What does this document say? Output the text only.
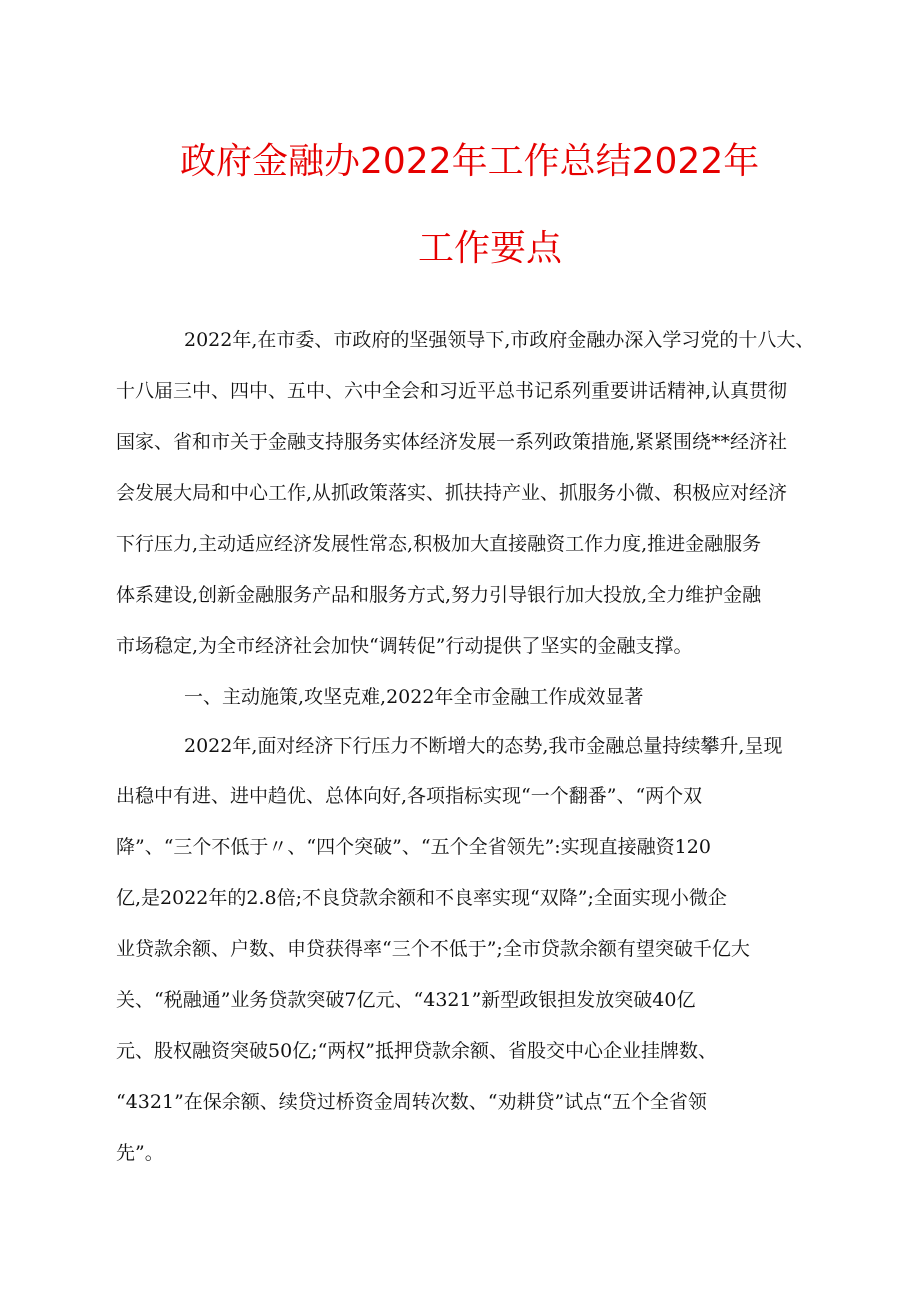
政府金融办2022年工作总结2022年
工作要点
2022年,在市委、市政府的坚强领导下,市政府金融办深入学习党的十八大、
十八届三中、四中、五中、六中全会和习近平总书记系列重要讲话精神,认真贯彻
国家、省和市关于金融支持服务实体经济发展一系列政策措施,紧紧围绕**经济社
会发展大局和中心工作,从抓政策落实、抓扶持产业、抓服务小微、积极应对经济
下行压力,主动适应经济发展性常态,积极加大直接融资工作力度,推进金融服务
体系建设,创新金融服务产品和服务方式,努力引导银行加大投放,全力维护金融
市场稳定,为全市经济社会加快“调转促”行动提供了坚实的金融支撑。
一、主动施策,攻坚克难,2022年全市金融工作成效显著
2022年,面对经济下行压力不断增大的态势,我市金融总量持续攀升,呈现
出稳中有进、进中趋优、总体向好,各项指标实现“一个翻番”、“两个双
降”、“三个不低于〃、“四个突破”、“五个全省领先”:实现直接融资120
亿,是2022年的2.8倍;不良贷款余额和不良率实现“双降”;全面实现小微企
业贷款余额、户数、申贷获得率“三个不低于”;全市贷款余额有望突破千亿大
关、“税融通”业务贷款突破7亿元、“4321”新型政银担发放突破40亿
元、股权融资突破50亿;“两权”抵押贷款余额、省股交中心企业挂牌数、
“4321”在保余额、续贷过桥资金周转次数、“劝耕贷”试点“五个全省领
先”。
